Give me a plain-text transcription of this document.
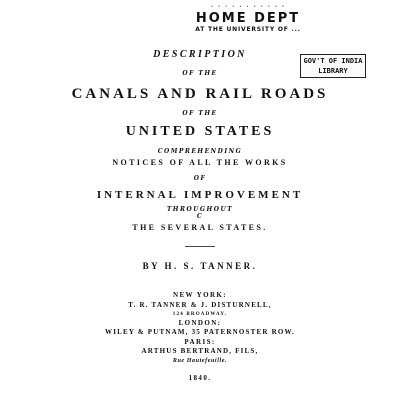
· · · · · · · · · · ·
HOME DEPT
AT THE UNIVERSITY OF ...
GOV'T OF INDIA
LIBRARY
DESCRIPTION
OF THE
CANALS AND RAIL ROADS
OF THE
UNITED STATES
COMPREHENDING
NOTICES OF ALL THE WORKS
OF
INTERNAL IMPROVEMENT
THROUGHOUT
C
THE SEVERAL STATES.
BY H. S. TANNER.
NEW YORK:
T. R. TANNER & J. DISTURNELL,
124 BROADWAY.
LONDON:
WILEY & PUTNAM, 35 PATERNOSTER ROW.
PARIS:
ARTHUS BERTRAND, FILS,
Rue Hautefeuille.
1840.
